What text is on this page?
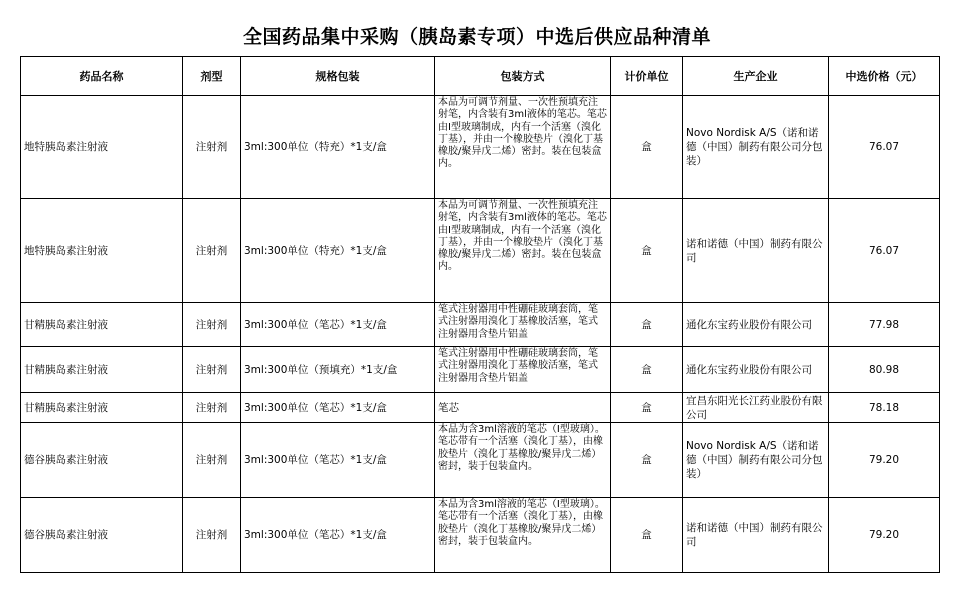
全国药品集中采购（胰岛素专项）中选后供应品种清单
药品名称	剂型	规格包装	包装方式	计价单位	生产企业	中选价格（元）
地特胰岛素注射液	注射剂	3ml:300单位（特充）*1支/盒	本品为可调节剂量、一次性预填充注射笔，内含装有3ml液体的笔芯。笔芯由I型玻璃制成，内有一个活塞（溴化丁基），并由一个橡胶垫片（溴化丁基橡胶/聚异戊二烯）密封。装在包装盒内。	盒	Novo Nordisk A/S（诺和诺德（中国）制药有限公司分包装）	76.07
地特胰岛素注射液	注射剂	3ml:300单位（特充）*1支/盒	本品为可调节剂量、一次性预填充注射笔，内含装有3ml液体的笔芯。笔芯由I型玻璃制成，内有一个活塞（溴化丁基），并由一个橡胶垫片（溴化丁基橡胶/聚异戊二烯）密封。装在包装盒内。	盒	诺和诺德（中国）制药有限公司	76.07
甘精胰岛素注射液	注射剂	3ml:300单位（笔芯）*1支/盒	笔式注射器用中性硼硅玻璃套筒，笔式注射器用溴化丁基橡胶活塞，笔式注射器用含垫片铝盖	盒	通化东宝药业股份有限公司	77.98
甘精胰岛素注射液	注射剂	3ml:300单位（预填充）*1支/盒	笔式注射器用中性硼硅玻璃套筒，笔式注射器用溴化丁基橡胶活塞，笔式注射器用含垫片铝盖	盒	通化东宝药业股份有限公司	80.98
甘精胰岛素注射液	注射剂	3ml:300单位（笔芯）*1支/盒	笔芯	盒	宜昌东阳光长江药业股份有限公司	78.18
德谷胰岛素注射液	注射剂	3ml:300单位（笔芯）*1支/盒	本品为含3ml溶液的笔芯（I型玻璃）。笔芯带有一个活塞（溴化丁基），由橡胶垫片（溴化丁基橡胶/聚异戊二烯）密封，装于包装盒内。	盒	Novo Nordisk A/S（诺和诺德（中国）制药有限公司分包装）	79.20
德谷胰岛素注射液	注射剂	3ml:300单位（笔芯）*1支/盒	本品为含3ml溶液的笔芯（I型玻璃）。笔芯带有一个活塞（溴化丁基），由橡胶垫片（溴化丁基橡胶/聚异戊二烯）密封，装于包装盒内。	盒	诺和诺德（中国）制药有限公司	79.20
